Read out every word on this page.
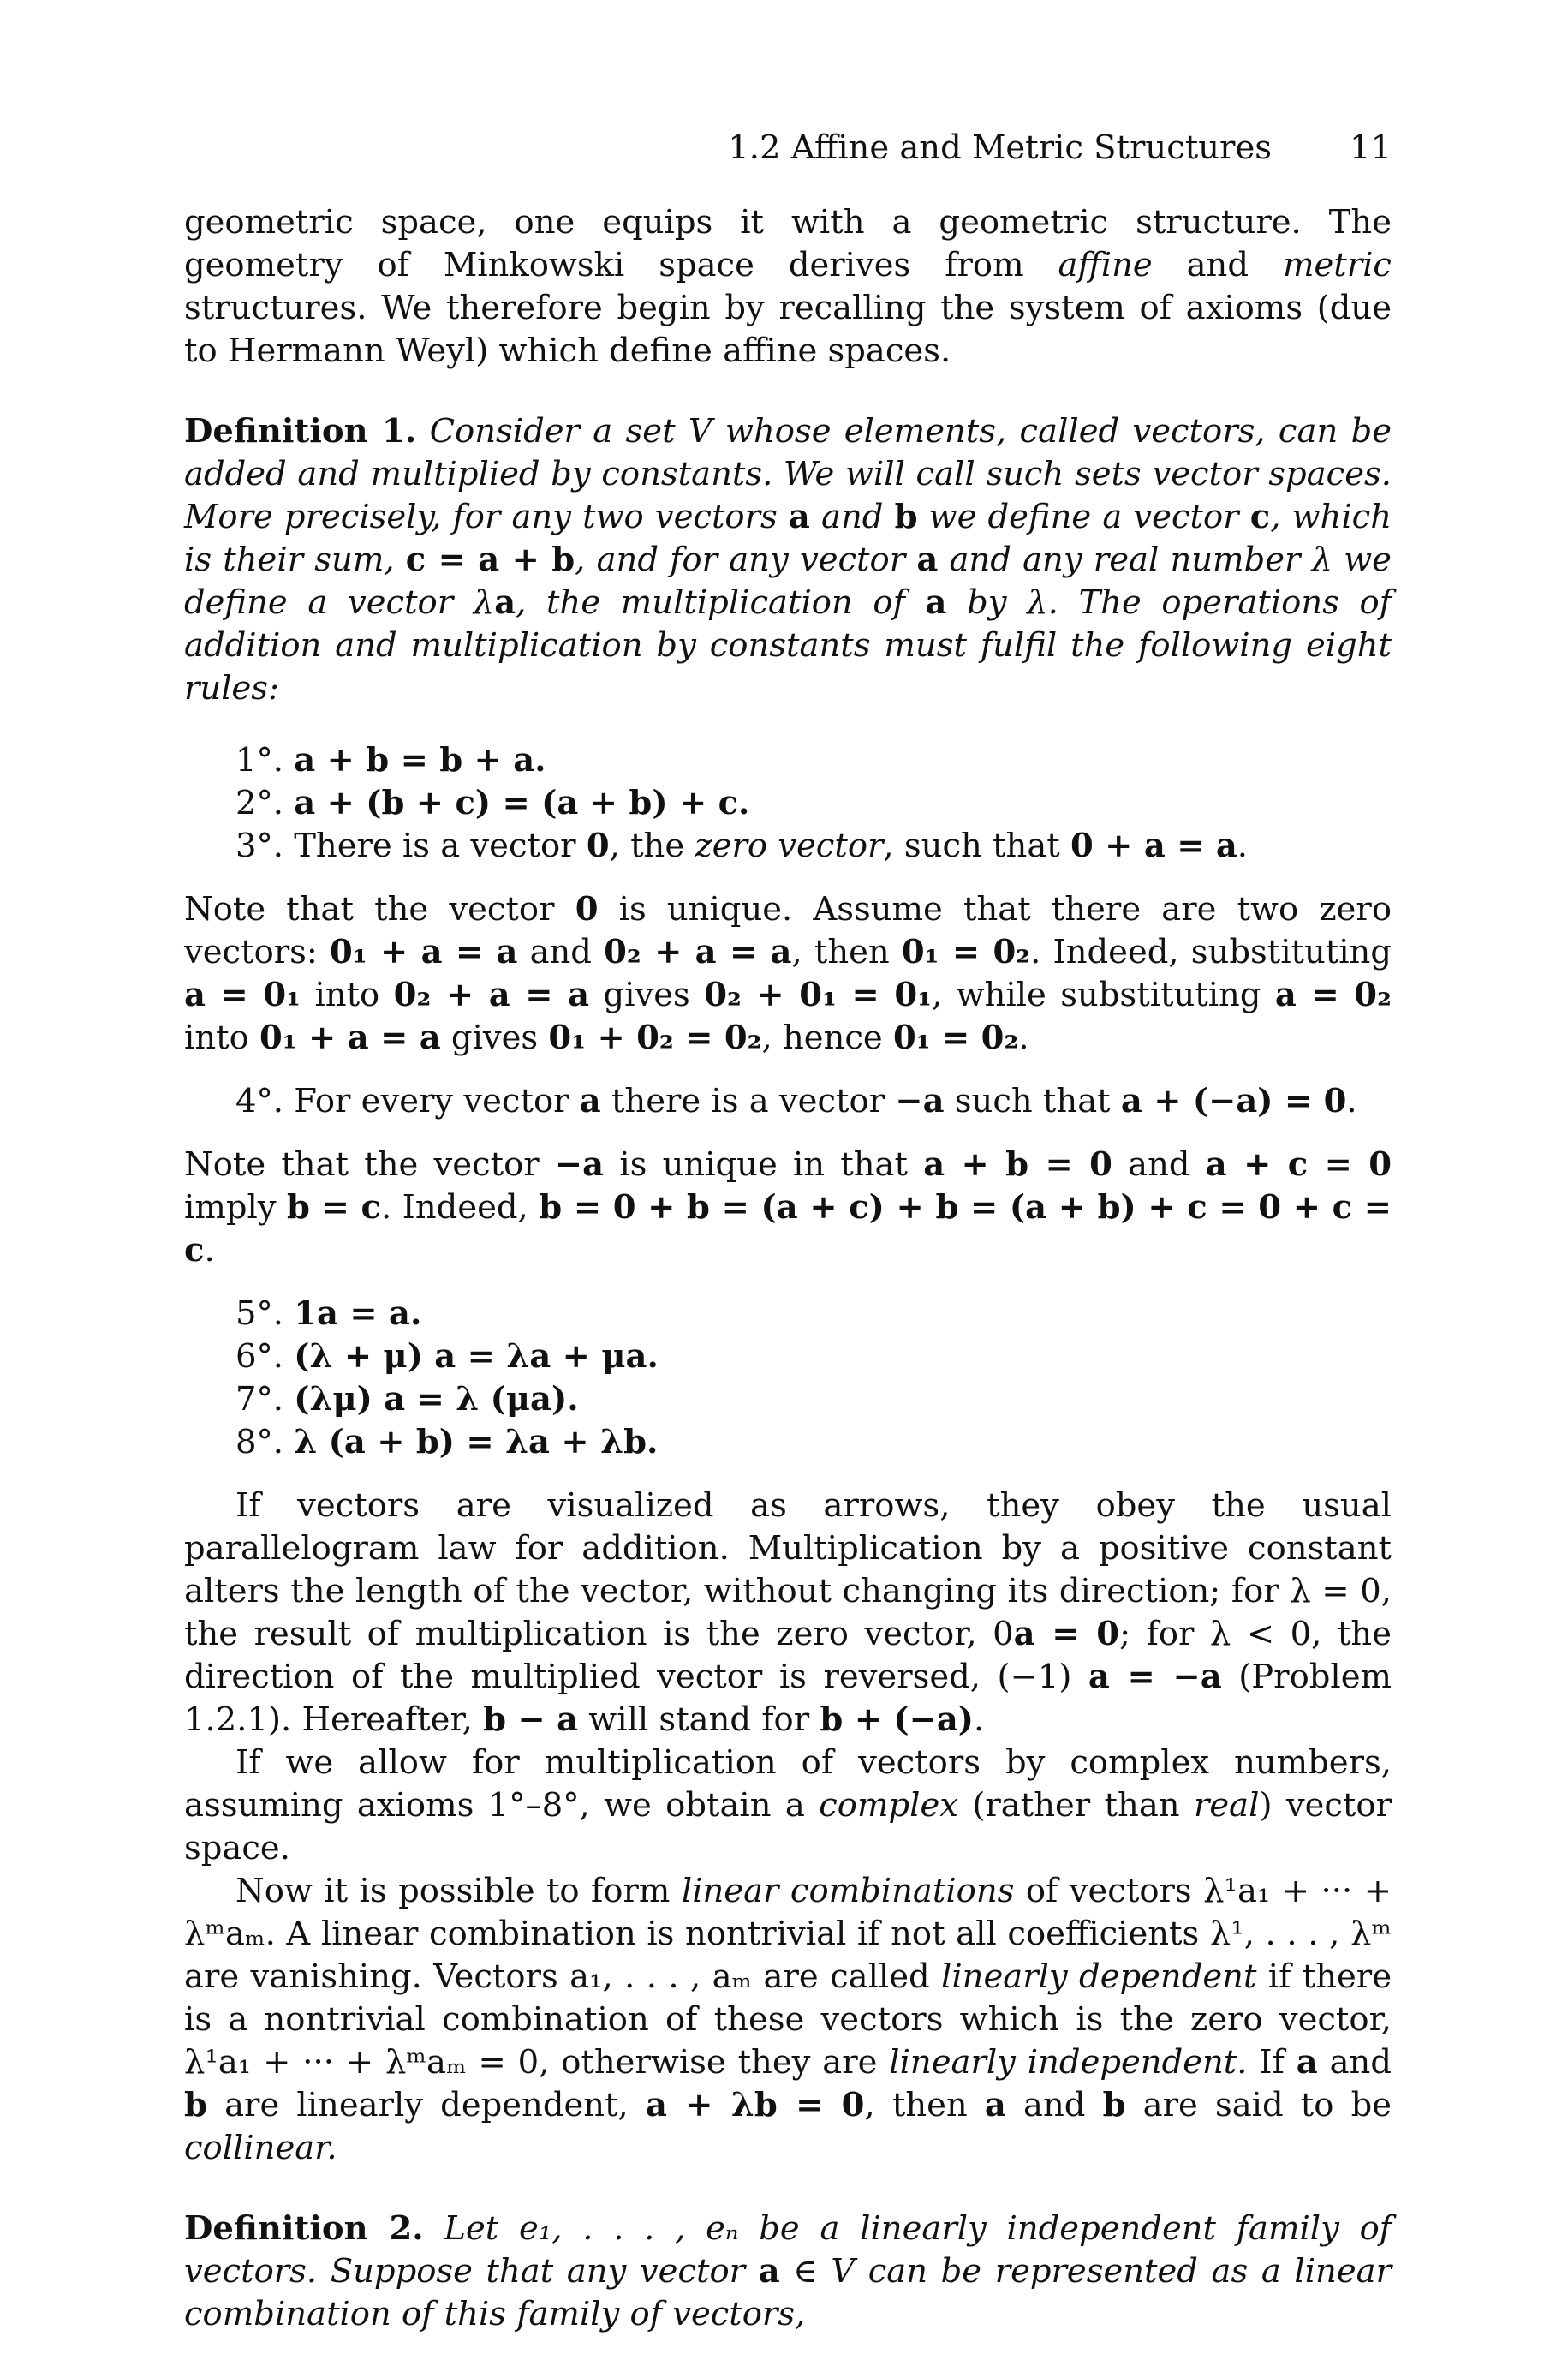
1.2 Affine and Metric Structures 11

geometric space, one equips it with a geometric structure. The geometry of Minkowski space derives from affine and metric structures. We therefore begin by recalling the system of axioms (due to Hermann Weyl) which define affine spaces.

Definition 1. Consider a set V whose elements, called vectors, can be added and multiplied by constants. We will call such sets vector spaces. More precisely, for any two vectors a and b we define a vector c, which is their sum, c = a + b, and for any vector a and any real number λ we define a vector λa, the multiplication of a by λ. The operations of addition and multiplication by constants must fulfil the following eight rules:

1°. a + b = b + a.

2°. a + (b + c) = (a + b) + c.

3°. There is a vector 0, the zero vector, such that 0 + a = a.

Note that the vector 0 is unique. Assume that there are two zero vectors: 0₁ + a = a and 0₂ + a = a, then 0₁ = 0₂. Indeed, substituting a = 0₁ into 0₂ + a = a gives 0₂ + 0₁ = 0₁, while substituting a = 0₂ into 0₁ + a = a gives 0₁ + 0₂ = 0₂, hence 0₁ = 0₂.

4°. For every vector a there is a vector −a such that a + (−a) = 0.

Note that the vector −a is unique in that a + b = 0 and a + c = 0 imply b = c. Indeed, b = 0 + b = (a + c) + b = (a + b) + c = 0 + c = c.

5°. 1a = a.

6°. (λ + μ) a = λa + μa.

7°. (λμ) a = λ (μa).

8°. λ (a + b) = λa + λb.

If vectors are visualized as arrows, they obey the usual parallelogram law for addition. Multiplication by a positive constant alters the length of the vector, without changing its direction; for λ = 0, the result of multiplication is the zero vector, 0a = 0; for λ < 0, the direction of the multiplied vector is reversed, (−1) a = −a (Problem 1.2.1). Hereafter, b − a will stand for b + (−a).

If we allow for multiplication of vectors by complex numbers, assuming axioms 1°–8°, we obtain a complex (rather than real) vector space.

Now it is possible to form linear combinations of vectors λ¹a₁ + ··· + λᵐaₘ. A linear combination is nontrivial if not all coefficients λ¹, . . . , λᵐ are vanishing. Vectors a₁, . . . , aₘ are called linearly dependent if there is a nontrivial combination of these vectors which is the zero vector, λ¹a₁ + ··· + λᵐaₘ = 0, otherwise they are linearly independent. If a and b are linearly dependent, a + λb = 0, then a and b are said to be collinear.

Definition 2. Let e₁, . . . , eₙ be a linearly independent family of vectors. Suppose that any vector a ∈ V can be represented as a linear combination of this family of vectors,
